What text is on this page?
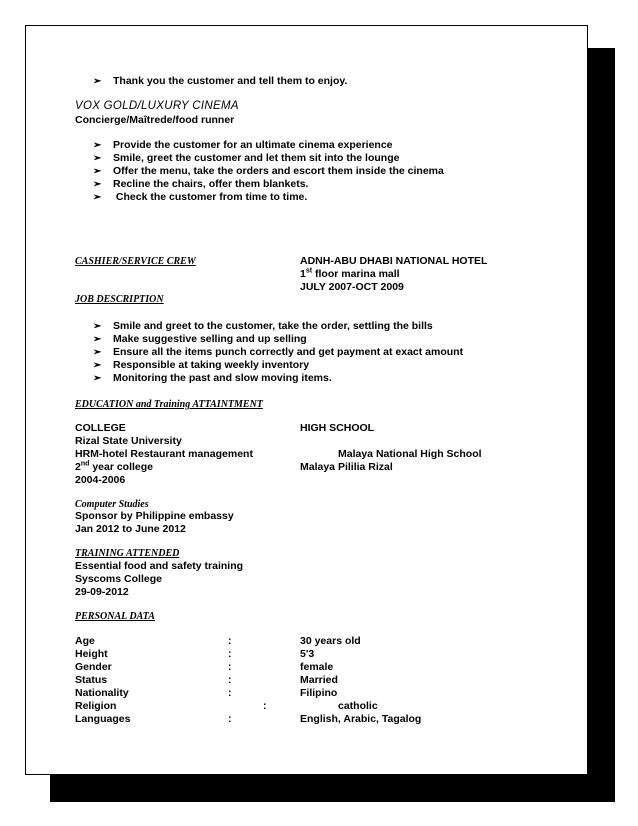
➢ Thank you the customer and tell them to enjoy.
VOX GOLD/LUXURY CINEMA
Concierge/Maîtrede/food runner
➢ Provide the customer for an ultimate cinema experience
➢ Smile, greet the customer and let them sit into the lounge
➢ Offer the menu, take the orders and escort them inside the cinema
➢ Recline the chairs, offer them blankets.
➢ Check the customer from time to time.
CASHIER/SERVICE CREW	ADNH-ABU DHABI NATIONAL HOTEL
1st floor marina mall
JULY 2007-OCT 2009
JOB DESCRIPTION
➢ Smile and greet to the customer, take the order, settling the bills
➢ Make suggestive selling and up selling
➢ Ensure all the items punch correctly and get payment at exact amount
➢ Responsible at taking weekly inventory
➢ Monitoring the past and slow moving items.
EDUCATION and Training ATTAINTMENT
COLLEGE	HIGH SCHOOL
Rizal State University
HRM-hotel Restaurant management	Malaya National High School
2nd year college	Malaya Pililia Rizal
2004-2006
Computer Studies
Sponsor by Philippine embassy
Jan 2012 to June 2012
TRAINING ATTENDED
Essential food and safety training
Syscoms College
29-09-2012
PERSONAL DATA
Age	:	30 years old
Height	:	5'3
Gender	:	female
Status	:	Married
Nationality	:	Filipino
Religion	:	catholic
Languages	:	English, Arabic, Tagalog
